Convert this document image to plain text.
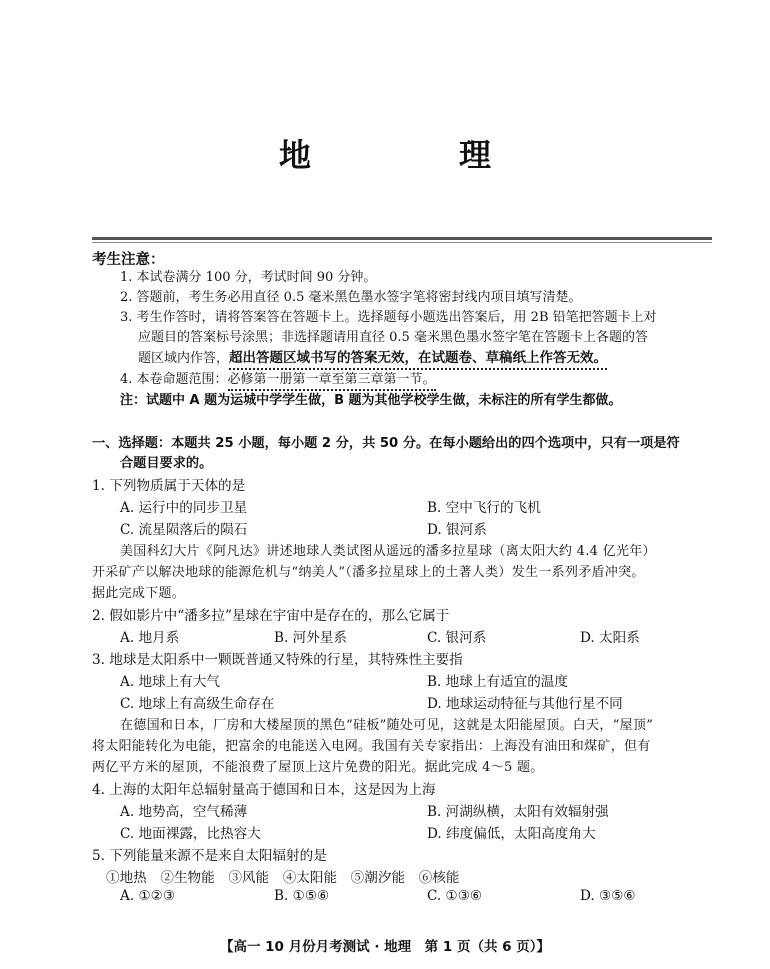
地　理
考生注意：
1. 本试卷满分 100 分，考试时间 90 分钟。
2. 答题前，考生务必用直径 0.5 毫米黑色墨水签字笔将密封线内项目填写清楚。
3. 考生作答时，请将答案答在答题卡上。选择题每小题选出答案后，用 2B 铅笔把答题卡上对
应题目的答案标号涂黑；非选择题请用直径 0.5 毫米黑色墨水签字笔在答题卡上各题的答
题区域内作答，超出答题区域书写的答案无效，在试题卷、草稿纸上作答无效。
4. 本卷命题范围：必修第一册第一章至第三章第一节。
注：试题中 A 题为运城中学学生做，B 题为其他学校学生做，未标注的所有学生都做。
一、选择题：本题共 25 小题，每小题 2 分，共 50 分。在每小题给出的四个选项中，只有一项是符
合题目要求的。
1. 下列物质属于天体的是
A. 运行中的同步卫星	B. 空中飞行的飞机
C. 流星陨落后的陨石	D. 银河系
美国科幻大片《阿凡达》讲述地球人类试图从遥远的潘多拉星球（离太阳大约 4.4 亿光年）
开采矿产以解决地球的能源危机与“纳美人”（潘多拉星球上的土著人类）发生一系列矛盾冲突。
据此完成下题。
2. 假如影片中“潘多拉”星球在宇宙中是存在的，那么它属于
A. 地月系	B. 河外星系	C. 银河系	D. 太阳系
3. 地球是太阳系中一颗既普通又特殊的行星，其特殊性主要指
A. 地球上有大气	B. 地球上有适宜的温度
C. 地球上有高级生命存在	D. 地球运动特征与其他行星不同
在德国和日本，厂房和大楼屋顶的黑色“硅板”随处可见，这就是太阳能屋顶。白天，“屋顶”
将太阳能转化为电能，把富余的电能送入电网。我国有关专家指出：上海没有油田和煤矿，但有
两亿平方米的屋顶，不能浪费了屋顶上这片免费的阳光。据此完成 4～5 题。
4. 上海的太阳年总辐射量高于德国和日本，这是因为上海
A. 地势高，空气稀薄	B. 河湖纵横，太阳有效辐射强
C. 地面裸露，比热容大	D. 纬度偏低，太阳高度角大
5. 下列能量来源不是来自太阳辐射的是
①地热　②生物能　③风能　④太阳能　⑤潮汐能　⑥核能
A. ①②③	B. ①⑤⑥	C. ①③⑥	D. ③⑤⑥
【高一 10 月份月考测试 · 地理　第 1 页（共 6 页）】
